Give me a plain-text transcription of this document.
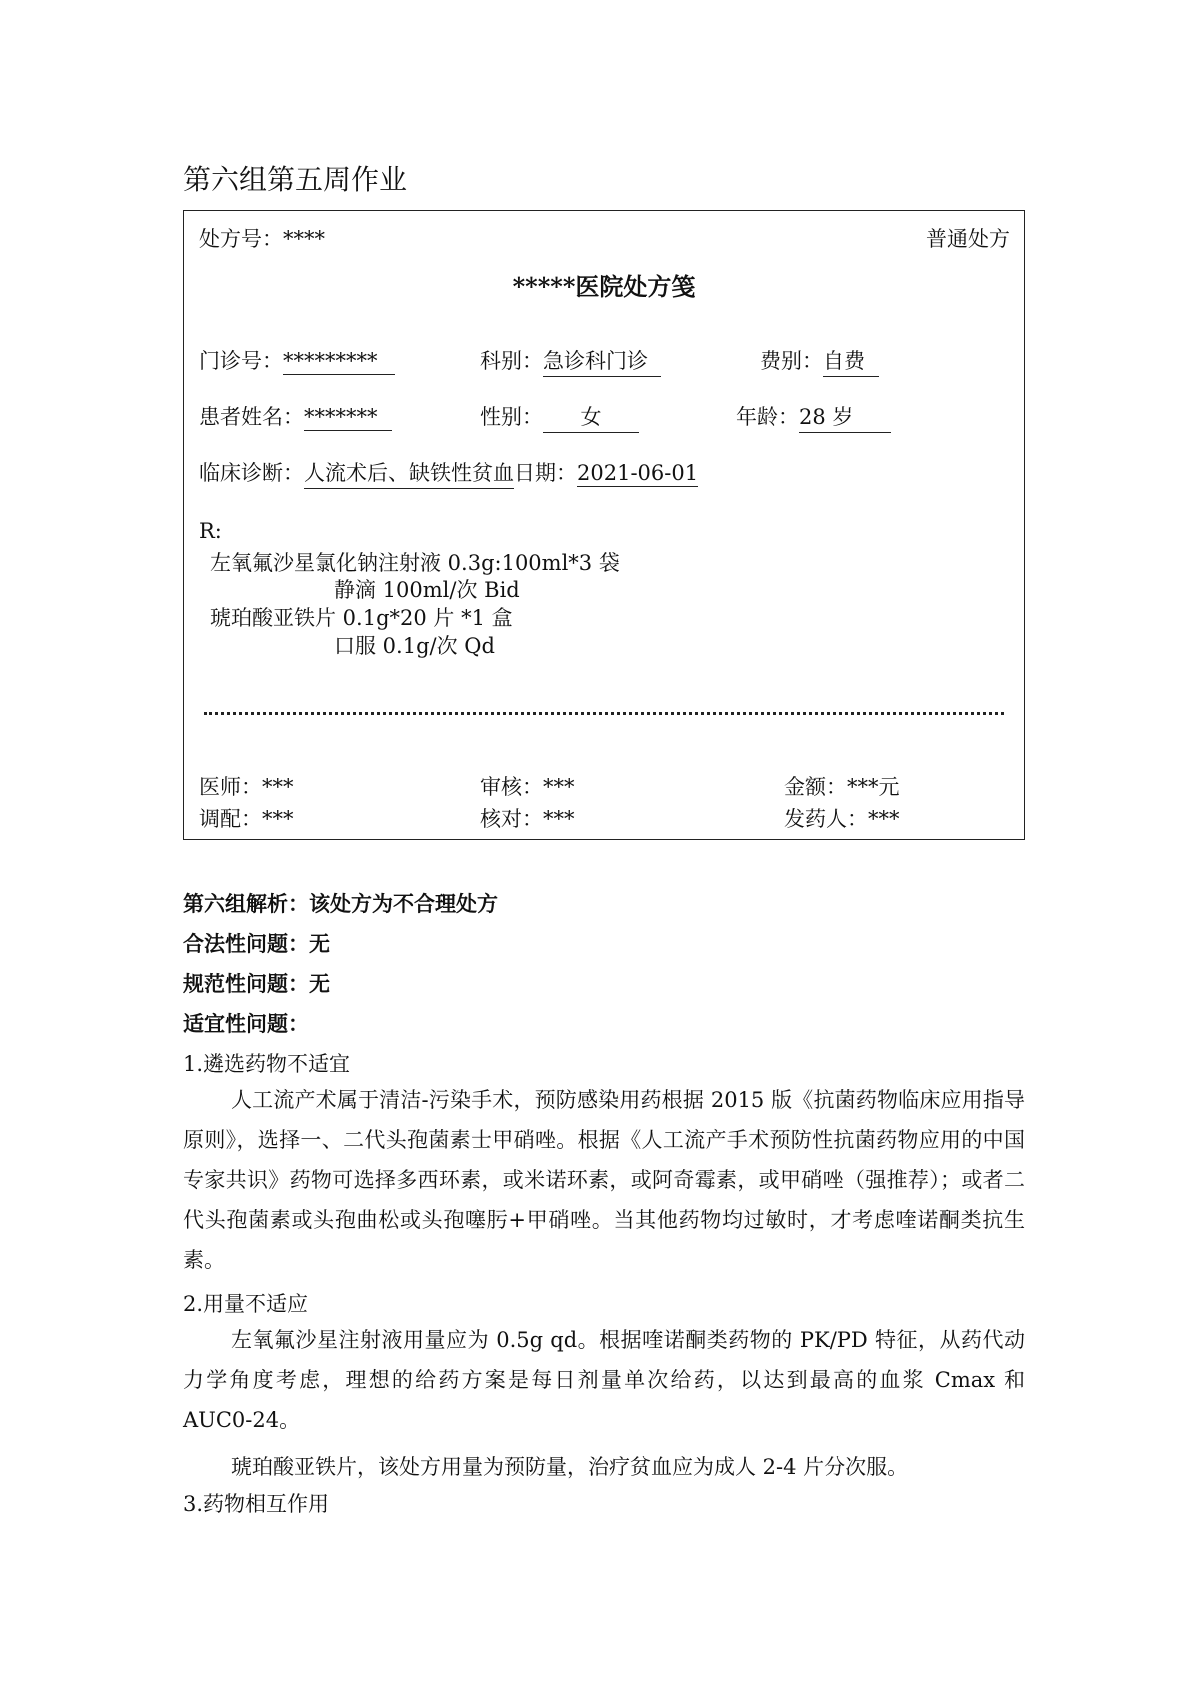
第六组第五周作业
处方号：****	普通处方
*****医院处方笺
门诊号：*********	科别：急诊科门诊	费别：自费
患者姓名：*******	性别： 女	年龄：28 岁
临床诊断：人流术后、缺铁性贫血日期：2021-06-01
R:
左氧氟沙星氯化钠注射液 0.3g:100ml*3 袋
静滴 100ml/次 Bid
琥珀酸亚铁片 0.1g*20 片 *1 盒
口服 0.1g/次 Qd
医师：***	审核：***	金额：***元
调配：***	核对：***	发药人：***
第六组解析：该处方为不合理处方
合法性问题：无
规范性问题：无
适宜性问题：
1.遴选药物不适宜
人工流产术属于清洁-污染手术，预防感染用药根据 2015 版《抗菌药物临床应用指导原则》，选择一、二代头孢菌素士甲硝唑。根据《人工流产手术预防性抗菌药物应用的中国专家共识》药物可选择多西环素，或米诺环素，或阿奇霉素，或甲硝唑（强推荐）；或者二代头孢菌素或头孢曲松或头孢噻肟+甲硝唑。当其他药物均过敏时，才考虑喹诺酮类抗生素。
2.用量不适应
左氧氟沙星注射液用量应为 0.5g qd。根据喹诺酮类药物的 PK/PD 特征，从药代动力学角度考虑，理想的给药方案是每日剂量单次给药，以达到最高的血浆 Cmax 和 AUC0-24。
琥珀酸亚铁片，该处方用量为预防量，治疗贫血应为成人 2-4 片分次服。
3.药物相互作用
